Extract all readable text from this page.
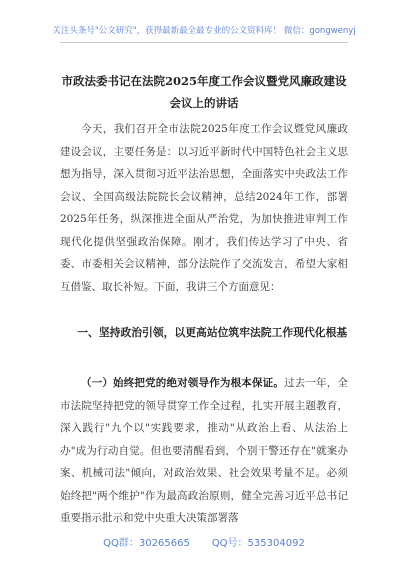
关注头条号"公文研究"，获得最新最全最专业的公文资料库！ 微信：gongwenyj
市政法委书记在法院2025年度工作会议暨党风廉政建设会议上的讲话
今天，我们召开全市法院2025年度工作会议暨党风廉政建设会议，主要任务是：以习近平新时代中国特色社会主义思想为指导，深入贯彻习近平法治思想，全面落实中央政法工作会议、全国高级法院院长会议精神，总结2024年工作，部署2025年任务，纵深推进全面从严治党，为加快推进审判工作现代化提供坚强政治保障。刚才，我们传达学习了中央、省委、市委相关会议精神，部分法院作了交流发言，希望大家相互借鉴、取长补短。下面，我讲三个方面意见：
一、坚持政治引领，以更高站位筑牢法院工作现代化根基
（一）始终把党的绝对领导作为根本保证。过去一年，全市法院坚持把党的领导贯穿工作全过程，扎实开展主题教育，深入践行"九个以"实践要求，推动"从政治上看、从法治上办"成为行动自觉。但也要清醒看到，个别干警还存在"就案办案、机械司法"倾向，对政治效果、社会效果考量不足。必须始终把"两个维护"作为最高政治原则，健全完善习近平总书记重要指示批示和党中央重大决策部署落
QQ群：30265665 QQ号：535304092
